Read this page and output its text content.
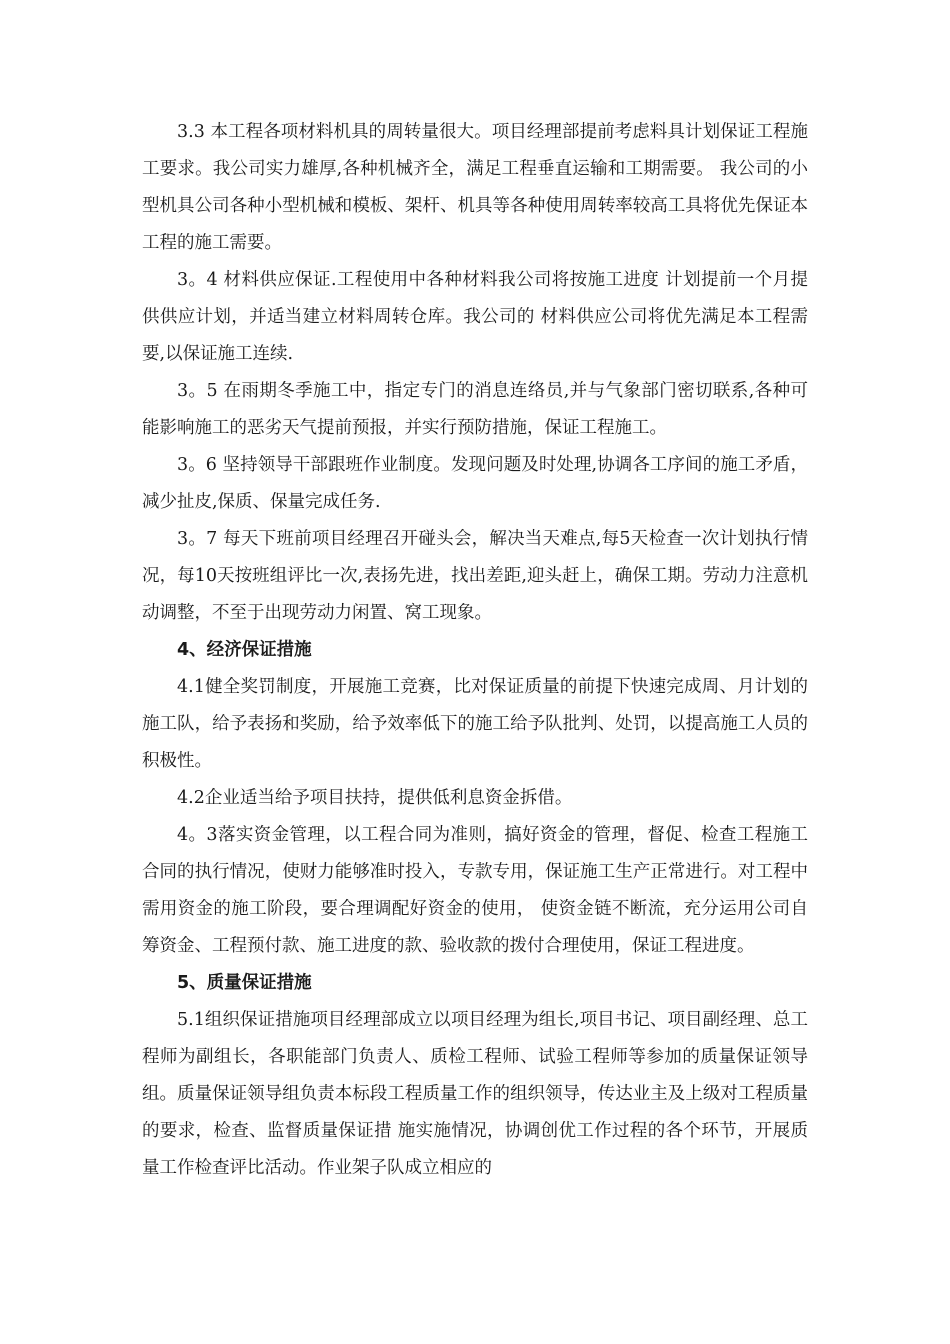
3.3 本工程各项材料机具的周转量很大。项目经理部提前考虑料具计划保证工程施工要求。我公司实力雄厚,各种机械齐全，满足工程垂直运输和工期需要。 我公司的小型机具公司各种小型机械和模板、架杆、机具等各种使用周转率较高工具将优先保证本工程的施工需要。

3。4 材料供应保证.工程使用中各种材料我公司将按施工进度 计划提前一个月提供供应计划，并适当建立材料周转仓库。我公司的 材料供应公司将优先满足本工程需要,以保证施工连续.

3。5 在雨期冬季施工中，指定专门的消息连络员,并与气象部门密切联系,各种可能影响施工的恶劣天气提前预报，并实行预防措施，保证工程施工。

3。6 坚持领导干部跟班作业制度。发现问题及时处理,协调各工序间的施工矛盾，减少扯皮,保质、保量完成任务.

3。7 每天下班前项目经理召开碰头会，解决当天难点,每5天检查一次计划执行情况，每10天按班组评比一次,表扬先进，找出差距,迎头赶上，确保工期。劳动力注意机动调整，不至于出现劳动力闲置、窝工现象。

4、经济保证措施

4.1健全奖罚制度，开展施工竞赛，比对保证质量的前提下快速完成周、月计划的施工队，给予表扬和奖励，给予效率低下的施工给予队批判、处罚，以提高施工人员的积极性。

4.2企业适当给予项目扶持，提供低利息资金拆借。

4。3落实资金管理，以工程合同为准则，搞好资金的管理，督促、检查工程施工合同的执行情况，使财力能够准时投入，专款专用，保证施工生产正常进行。对工程中需用资金的施工阶段，要合理调配好资金的使用， 使资金链不断流，充分运用公司自筹资金、工程预付款、施工进度的款、验收款的拨付合理使用，保证工程进度。

5、质量保证措施

5.1组织保证措施项目经理部成立以项目经理为组长,项目书记、项目副经理、总工程师为副组长，各职能部门负责人、质检工程师、试验工程师等参加的质量保证领导组。质量保证领导组负责本标段工程质量工作的组织领导，传达业主及上级对工程质量的要求，检查、监督质量保证措 施实施情况，协调创优工作过程的各个环节，开展质量工作检查评比活动。作业架子队成立相应的
